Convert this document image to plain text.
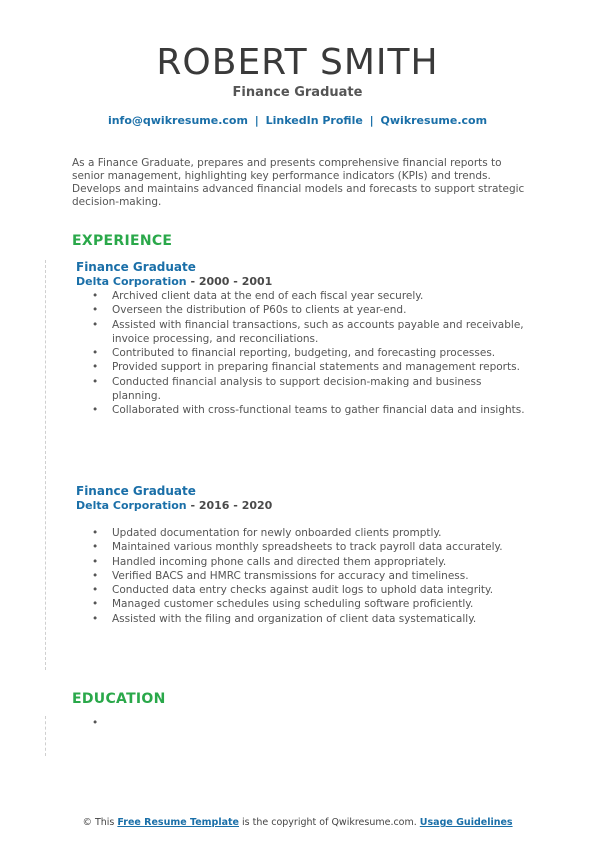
ROBERT SMITH
Finance Graduate
info@qwikresume.com | LinkedIn Profile | Qwikresume.com
As a Finance Graduate, prepares and presents comprehensive financial reports to senior management, highlighting key performance indicators (KPIs) and trends. Develops and maintains advanced financial models and forecasts to support strategic decision-making.
EXPERIENCE
Finance Graduate
Delta Corporation - 2000 - 2001
• Archived client data at the end of each fiscal year securely.
• Overseen the distribution of P60s to clients at year-end.
• Assisted with financial transactions, such as accounts payable and receivable, invoice processing, and reconciliations.
• Contributed to financial reporting, budgeting, and forecasting processes.
• Provided support in preparing financial statements and management reports.
• Conducted financial analysis to support decision-making and business planning.
• Collaborated with cross-functional teams to gather financial data and insights.
Finance Graduate
Delta Corporation - 2016 - 2020
• Updated documentation for newly onboarded clients promptly.
• Maintained various monthly spreadsheets to track payroll data accurately.
• Handled incoming phone calls and directed them appropriately.
• Verified BACS and HMRC transmissions for accuracy and timeliness.
• Conducted data entry checks against audit logs to uphold data integrity.
• Managed customer schedules using scheduling software proficiently.
• Assisted with the filing and organization of client data systematically.
EDUCATION
•
© This Free Resume Template is the copyright of Qwikresume.com. Usage Guidelines
